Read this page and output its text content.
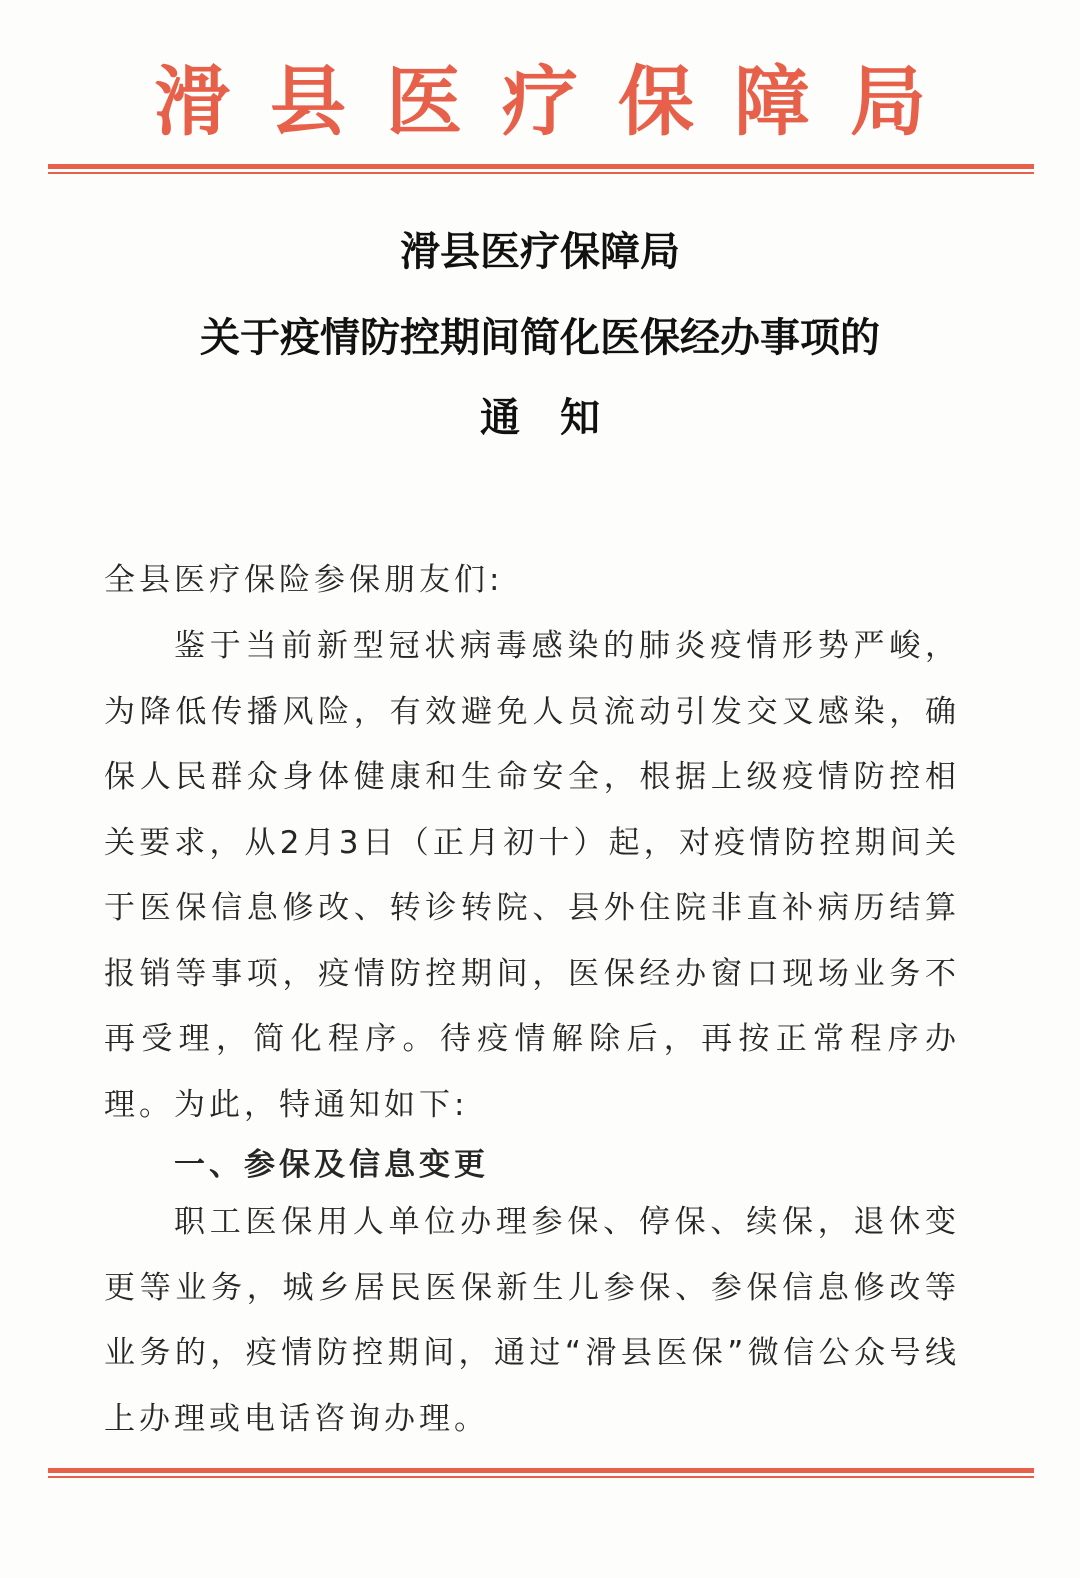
滑县医疗保障局
滑县医疗保障局
关于疫情防控期间简化医保经办事项的
通知
全县医疗保险参保朋友们:

鉴于当前新型冠状病毒感染的肺炎疫情形势严峻，为降低传播风险，有效避免人员流动引发交叉感染，确保人民群众身体健康和生命安全，根据上级疫情防控相关要求，从2月3日（正月初十）起，对疫情防控期间关于医保信息修改、转诊转院、县外住院非直补病历结算报销等事项，疫情防控期间，医保经办窗口现场业务不再受理，简化程序。待疫情解除后，再按正常程序办理。为此，特通知如下:

一、参保及信息变更

职工医保用人单位办理参保、停保、续保，退休变更等业务，城乡居民医保新生儿参保、参保信息修改等业务的，疫情防控期间，通过“滑县医保”微信公众号线上办理或电话咨询办理。
